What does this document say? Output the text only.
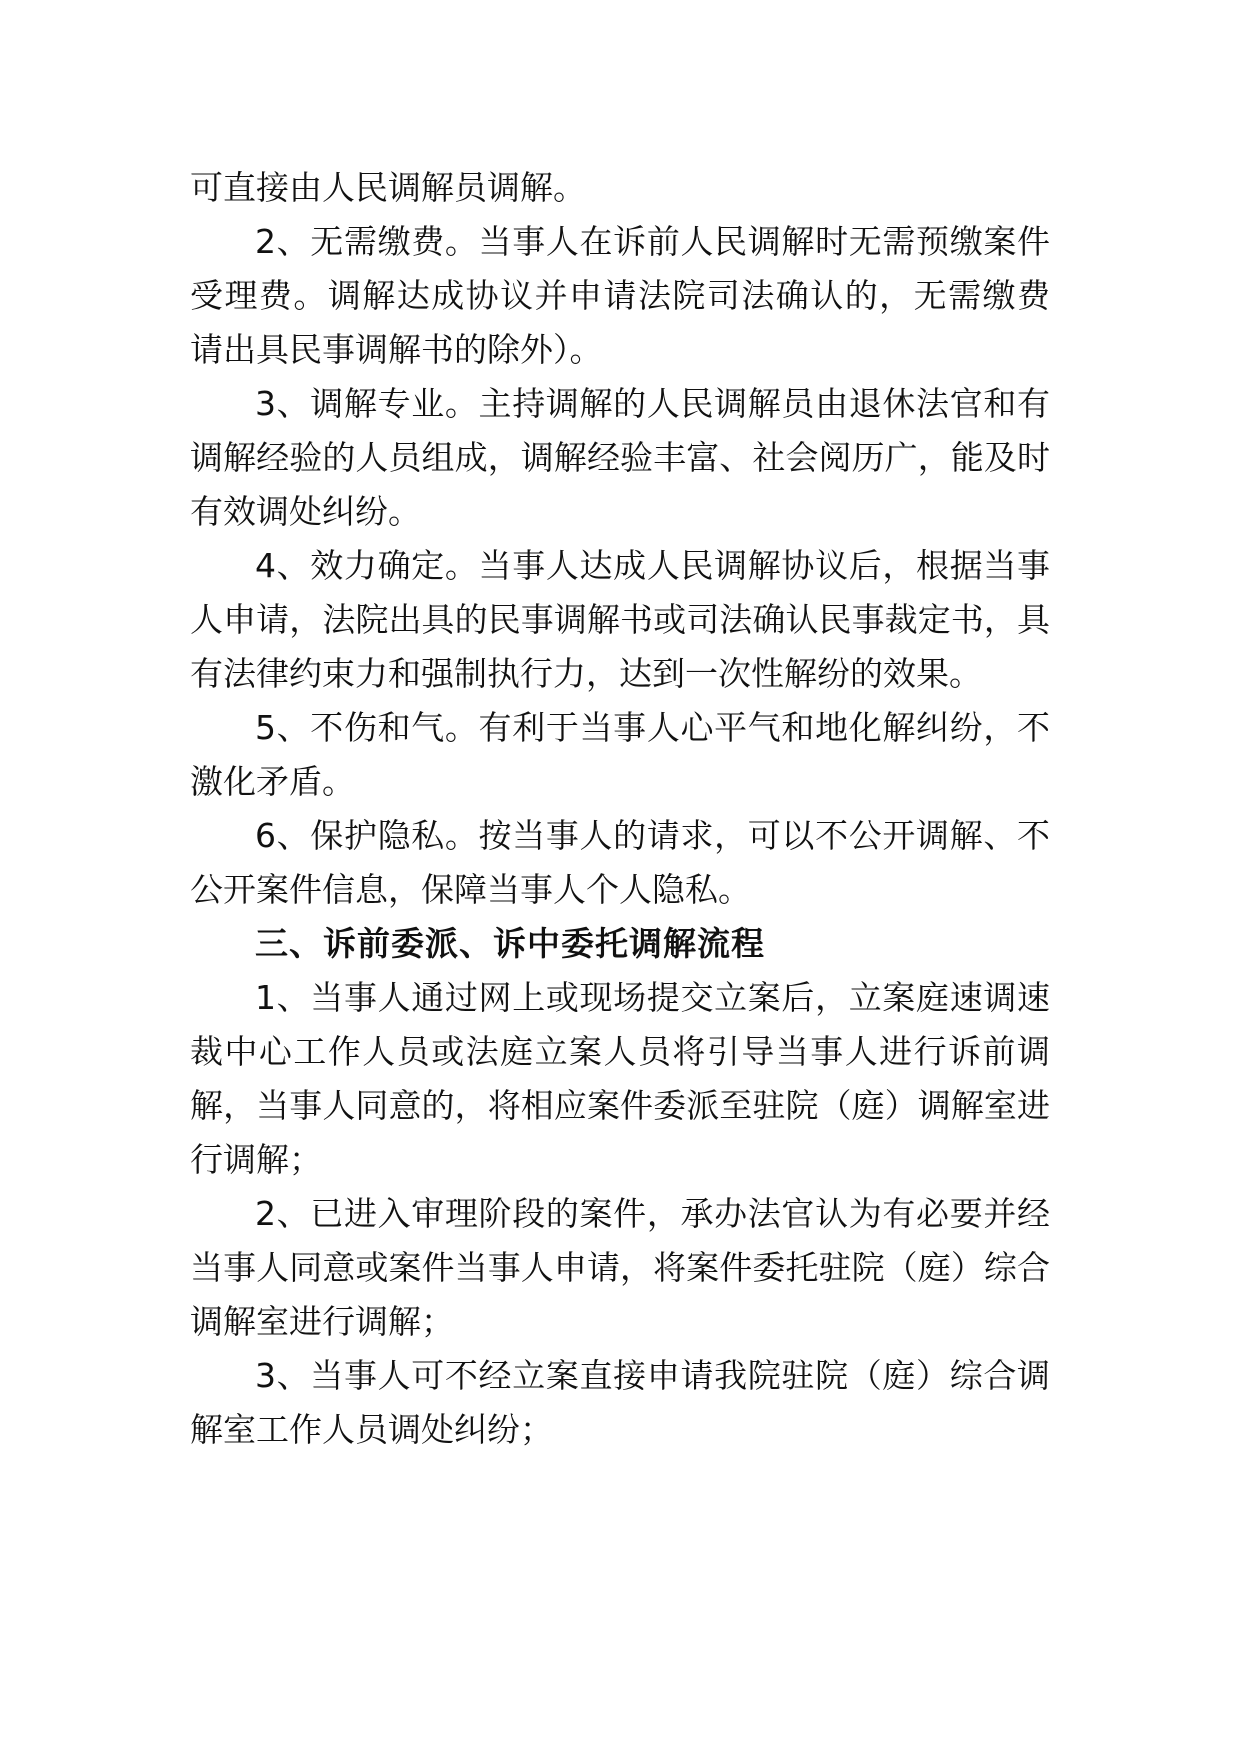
可直接由人民调解员调解。
2、无需缴费。当事人在诉前人民调解时无需预缴案件
受理费。调解达成协议并申请法院司法确认的，无需缴费
请出具民事调解书的除外）。
3、调解专业。主持调解的人民调解员由退休法官和有
调解经验的人员组成，调解经验丰富、社会阅历广，能及时
有效调处纠纷。
4、效力确定。当事人达成人民调解协议后，根据当事
人申请，法院出具的民事调解书或司法确认民事裁定书，具
有法律约束力和强制执行力，达到一次性解纷的效果。
5、不伤和气。有利于当事人心平气和地化解纠纷，不
激化矛盾。
6、保护隐私。按当事人的请求，可以不公开调解、不
公开案件信息，保障当事人个人隐私。
三、诉前委派、诉中委托调解流程
1、当事人通过网上或现场提交立案后，立案庭速调速
裁中心工作人员或法庭立案人员将引导当事人进行诉前调
解，当事人同意的，将相应案件委派至驻院（庭）调解室进
行调解；
2、已进入审理阶段的案件，承办法官认为有必要并经
当事人同意或案件当事人申请，将案件委托驻院（庭）综合
调解室进行调解；
3、当事人可不经立案直接申请我院驻院（庭）综合调
解室工作人员调处纠纷；
